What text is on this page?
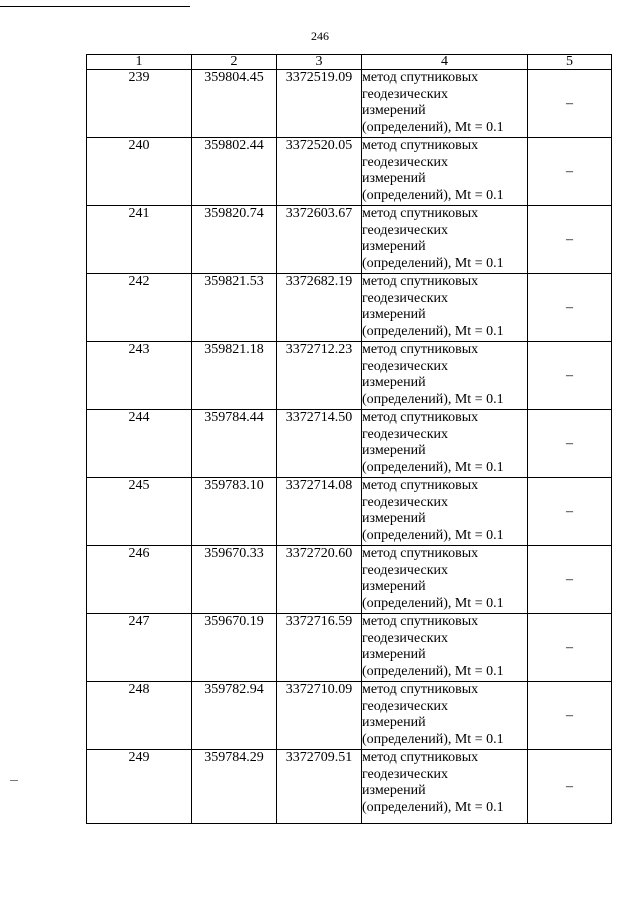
246
1	2	3	4	5
239	359804.45	3372519.09	метод спутниковых
геодезических
измерений
(определений), Mt = 0.1	–
240	359802.44	3372520.05	метод спутниковых
геодезических
измерений
(определений), Mt = 0.1	–
241	359820.74	3372603.67	метод спутниковых
геодезических
измерений
(определений), Mt = 0.1	–
242	359821.53	3372682.19	метод спутниковых
геодезических
измерений
(определений), Mt = 0.1	–
243	359821.18	3372712.23	метод спутниковых
геодезических
измерений
(определений), Mt = 0.1	–
244	359784.44	3372714.50	метод спутниковых
геодезических
измерений
(определений), Mt = 0.1	–
245	359783.10	3372714.08	метод спутниковых
геодезических
измерений
(определений), Mt = 0.1	–
246	359670.33	3372720.60	метод спутниковых
геодезических
измерений
(определений), Mt = 0.1	–
247	359670.19	3372716.59	метод спутниковых
геодезических
измерений
(определений), Mt = 0.1	–
248	359782.94	3372710.09	метод спутниковых
геодезических
измерений
(определений), Mt = 0.1	–
249	359784.29	3372709.51	метод спутниковых
геодезических
измерений
(определений), Mt = 0.1	–
